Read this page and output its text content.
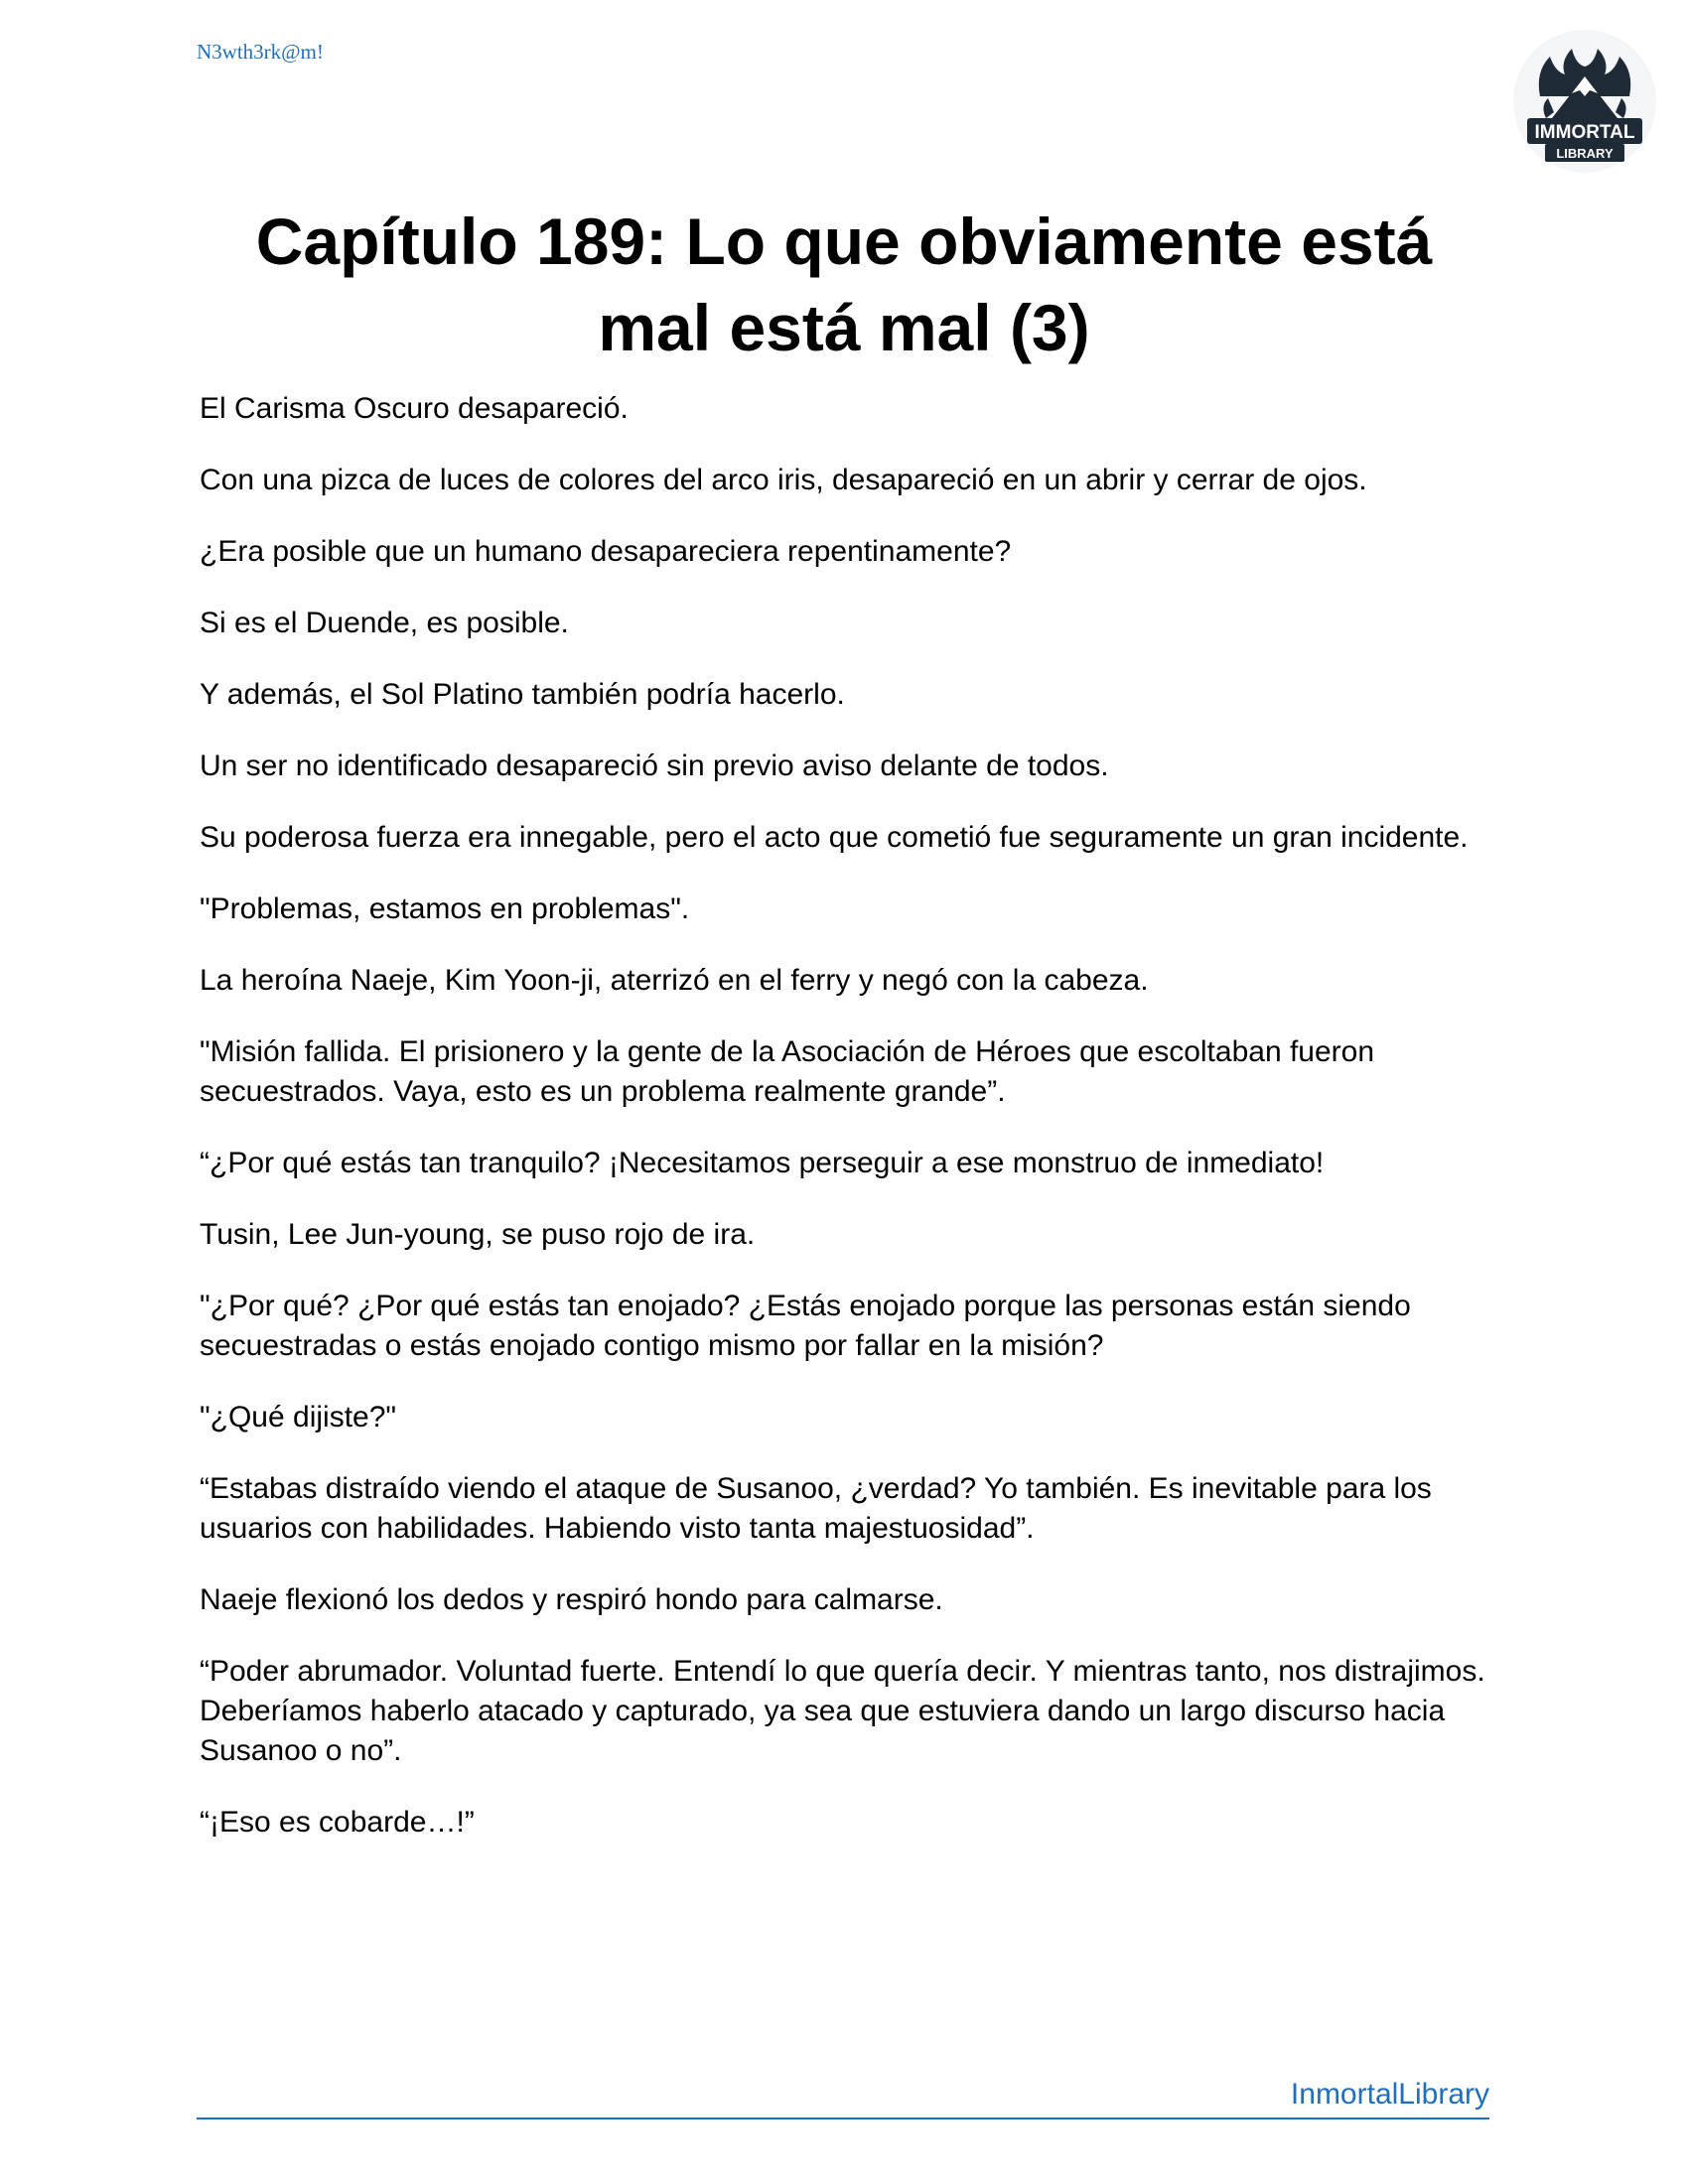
N3wth3rk@m!
IMMORTAL
LIBRARY
Capítulo 189: Lo que obviamente está
mal está mal (3)

El Carisma Oscuro desapareció.

Con una pizca de luces de colores del arco iris, desapareció en un abrir y cerrar de ojos.

¿Era posible que un humano desapareciera repentinamente?

Si es el Duende, es posible.

Y además, el Sol Platino también podría hacerlo.

Un ser no identificado desapareció sin previo aviso delante de todos.

Su poderosa fuerza era innegable, pero el acto que cometió fue seguramente un gran incidente.

"Problemas, estamos en problemas".

La heroína Naeje, Kim Yoon-ji, aterrizó en el ferry y negó con la cabeza.

"Misión fallida. El prisionero y la gente de la Asociación de Héroes que escoltaban fueron secuestrados. Vaya, esto es un problema realmente grande”.

“¿Por qué estás tan tranquilo? ¡Necesitamos perseguir a ese monstruo de inmediato!

Tusin, Lee Jun-young, se puso rojo de ira.

"¿Por qué? ¿Por qué estás tan enojado? ¿Estás enojado porque las personas están siendo secuestradas o estás enojado contigo mismo por fallar en la misión?

"¿Qué dijiste?"

“Estabas distraído viendo el ataque de Susanoo, ¿verdad? Yo también. Es inevitable para los usuarios con habilidades. Habiendo visto tanta majestuosidad”.

Naeje flexionó los dedos y respiró hondo para calmarse.

“Poder abrumador. Voluntad fuerte. Entendí lo que quería decir. Y mientras tanto, nos distrajimos. Deberíamos haberlo atacado y capturado, ya sea que estuviera dando un largo discurso hacia Susanoo o no”.

“¡Eso es cobarde…!”

InmortalLibrary
